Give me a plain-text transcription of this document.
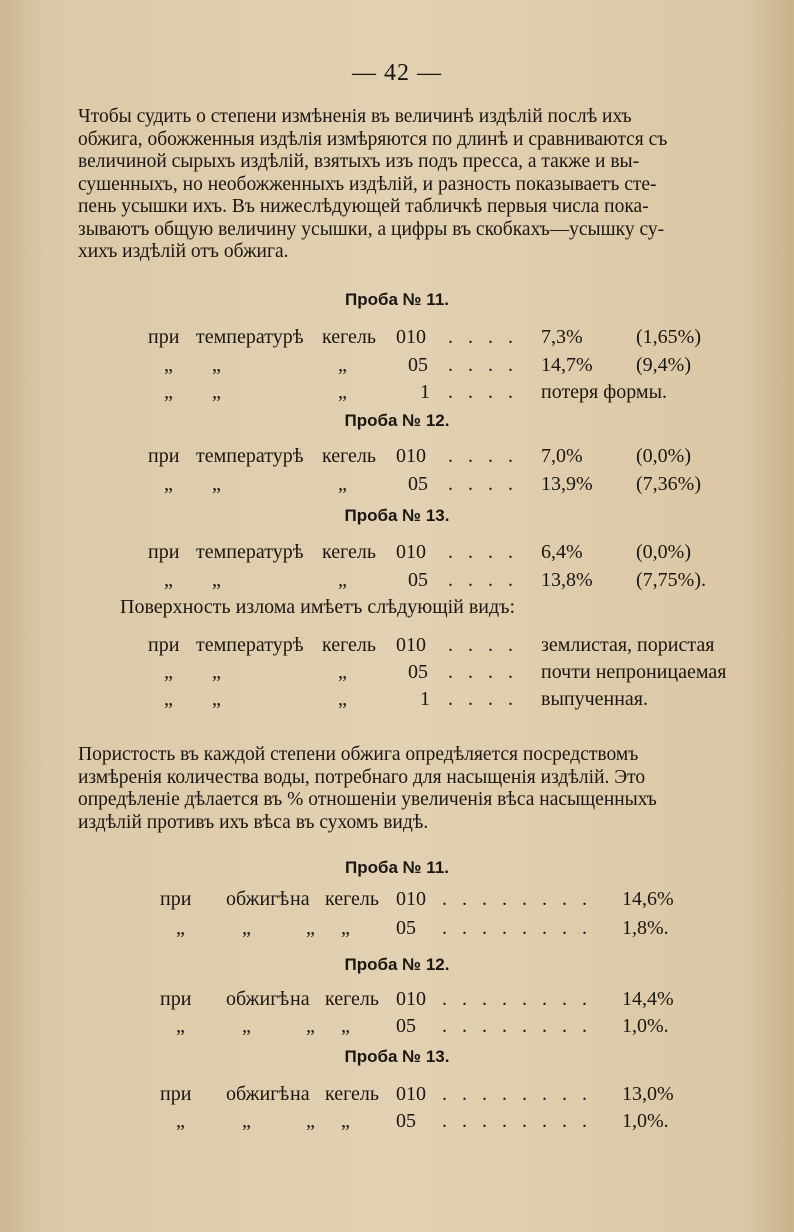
— 42 —

Чтобы судить о степени измѣненія въ величинѣ издѣлій послѣ ихъ
обжига, обожженныя издѣлія измѣряются по длинѣ и сравниваются съ
величиной сырыхъ издѣлій, взятыхъ изъ подъ пресса, а также и вы-
сушенныхъ, но необожженныхъ издѣлій, и разность показываетъ сте-
пень усышки ихъ. Въ нижеслѣдующей табличкѣ первыя числа пока-
зываютъ общую величину усышки, а цифры въ скобкахъ—усышку су-
хихъ издѣлій отъ обжига.

Проба № 11.
при температурѣ кегель 010 . . . . 7,3%	(1,65%)
„ „	„	05 . . . . 14,7% (9,4%)
„ „	„	1 . . . . потеря формы.
Проба № 12.
при температурѣ кегель 010 . . . . 7,0%	(0,0%)
„ „	„	05 . . . . 13,9% (7,36%)
Проба № 13.
при температурѣ кегель 010 . . . . 6,4%	(0,0%)
„ „	„	05 . . . . 13,8% (7,75%).
Поверхность излома имѣетъ слѣдующій видъ:
при температурѣ кегель 010 . . . . землистая, пористая
„ „	„	05 . . . . почти непроницаемая
„ „	„	1 . . . . выпученная.

Пористость въ каждой степени обжига опредѣляется посредствомъ
измѣренія количества воды, потребнаго для насыщенія издѣлій. Это
опредѣленіе дѣлается въ % отношеніи увеличенія вѣса насыщенныхъ
издѣлій противъ ихъ вѣса въ сухомъ видѣ.

Проба № 11.
при обжигѣ на кегель 010 . . . . . . . . 14,6%
„	„	„ „ 05 . . . . . . . . 1,8%.
Проба № 12.
при обжигѣ на кегель 010 . . . . . . . . 14,4%
„	„	„ „ 05 . . . . . . . . 1,0%.
Проба № 13.
при обжигѣ на кегель 010 . . . . . . . . 13,0%
„	„	„ „ 05 . . . . . . . . 1,0%.
